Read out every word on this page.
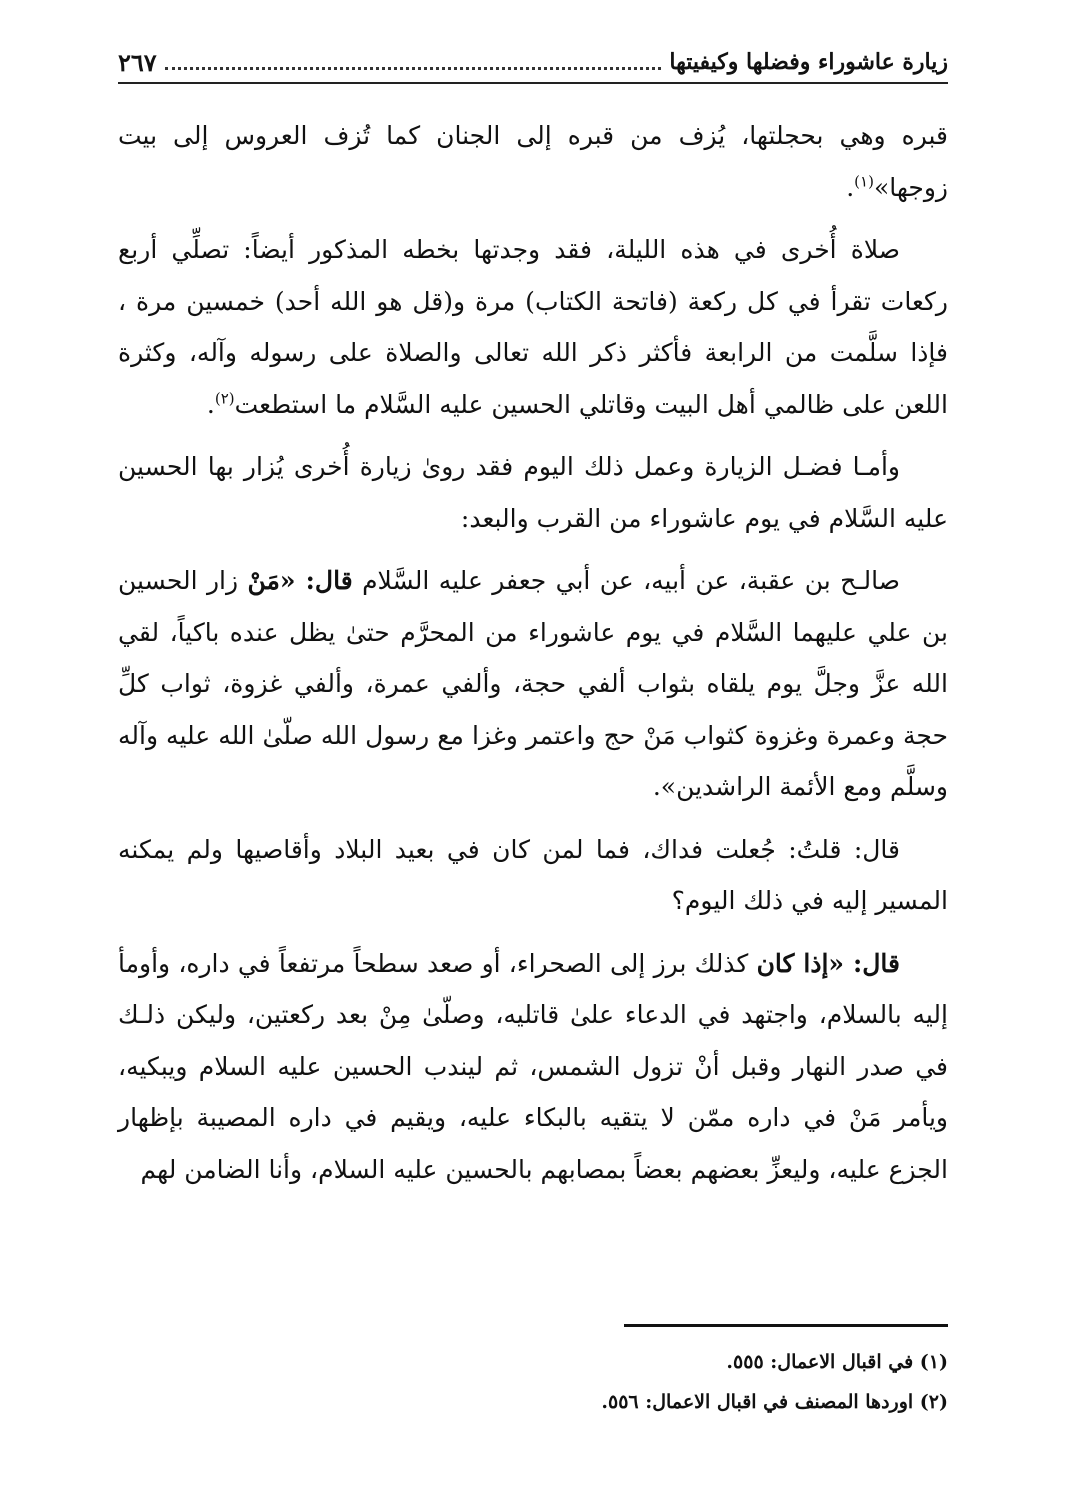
٢٦٧	زيارة عاشوراء وفضلها وكيفيتها

قبره وهي بحجلتها، يُزف من قبره إلى الجنان كما تُزف العروس إلى بيت زوجها»$^{(١)}$.

صلاة أُخرى في هذه الليلة، فقد وجدتها بخطه المذكور أيضاً: تصلِّي أربع ركعات تقرأ في كل ركعة (فاتحة الكتاب) مرة و(قل هو الله أحد) خمسين مرة ، فإذا سلَّمت من الرابعة فأكثر ذكر الله تعالى والصلاة على رسوله وآله، وكثرة اللعن على ظالمي أهل البيت وقاتلي الحسين عليه السَّلام ما استطعت$^{(٢)}$.

وأمـا فضـل الزيارة وعمل ذلك اليوم فقد روىٰ زيارة أُخرى يُزار بها الحسين عليه السَّلام في يوم عاشوراء من القرب والبعد:

صالـح بن عقبة، عن أبيه، عن أبي جعفر عليه السَّلام قال: «مَنْ زار الحسين بن علي عليهما السَّلام في يوم عاشوراء من المحرَّم حتىٰ يظل عنده باكياً، لقي الله عزَّ وجلَّ يوم يلقاه بثواب ألفي حجة، وألفي عمرة، وألفي غزوة، ثواب كلِّ حجة وعمرة وغزوة كثواب مَنْ حج واعتمر وغزا مع رسول الله صلّىٰ الله عليه وآله وسلَّم ومع الأئمة الراشدين».

قال: قلتُ: جُعلت فداك، فما لمن كان في بعيد البلاد وأقاصيها ولم يمكنه المسير إليه في ذلك اليوم؟

قال: «إذا كان كذلك برز إلى الصحراء، أو صعد سطحاً مرتفعاً في داره، وأومأ إليه بالسلام، واجتهد في الدعاء علىٰ قاتليه، وصلّىٰ مِنْ بعد ركعتين، وليكن ذلـك في صدر النهار وقبل أنْ تزول الشمس، ثم ليندب الحسين عليه السلام ويبكيه، ويأمر مَنْ في داره ممّن لا يتقيه بالبكاء عليه، ويقيم في داره المصيبة بإظهار الجزع عليه، وليعزِّ بعضهم بعضاً بمصابهم بالحسين عليه السلام، وأنا الضامن لهم

(١) في اقبال الاعمال: ٥٥٥.

(٢) اوردها المصنف في اقبال الاعمال: ٥٥٦.
